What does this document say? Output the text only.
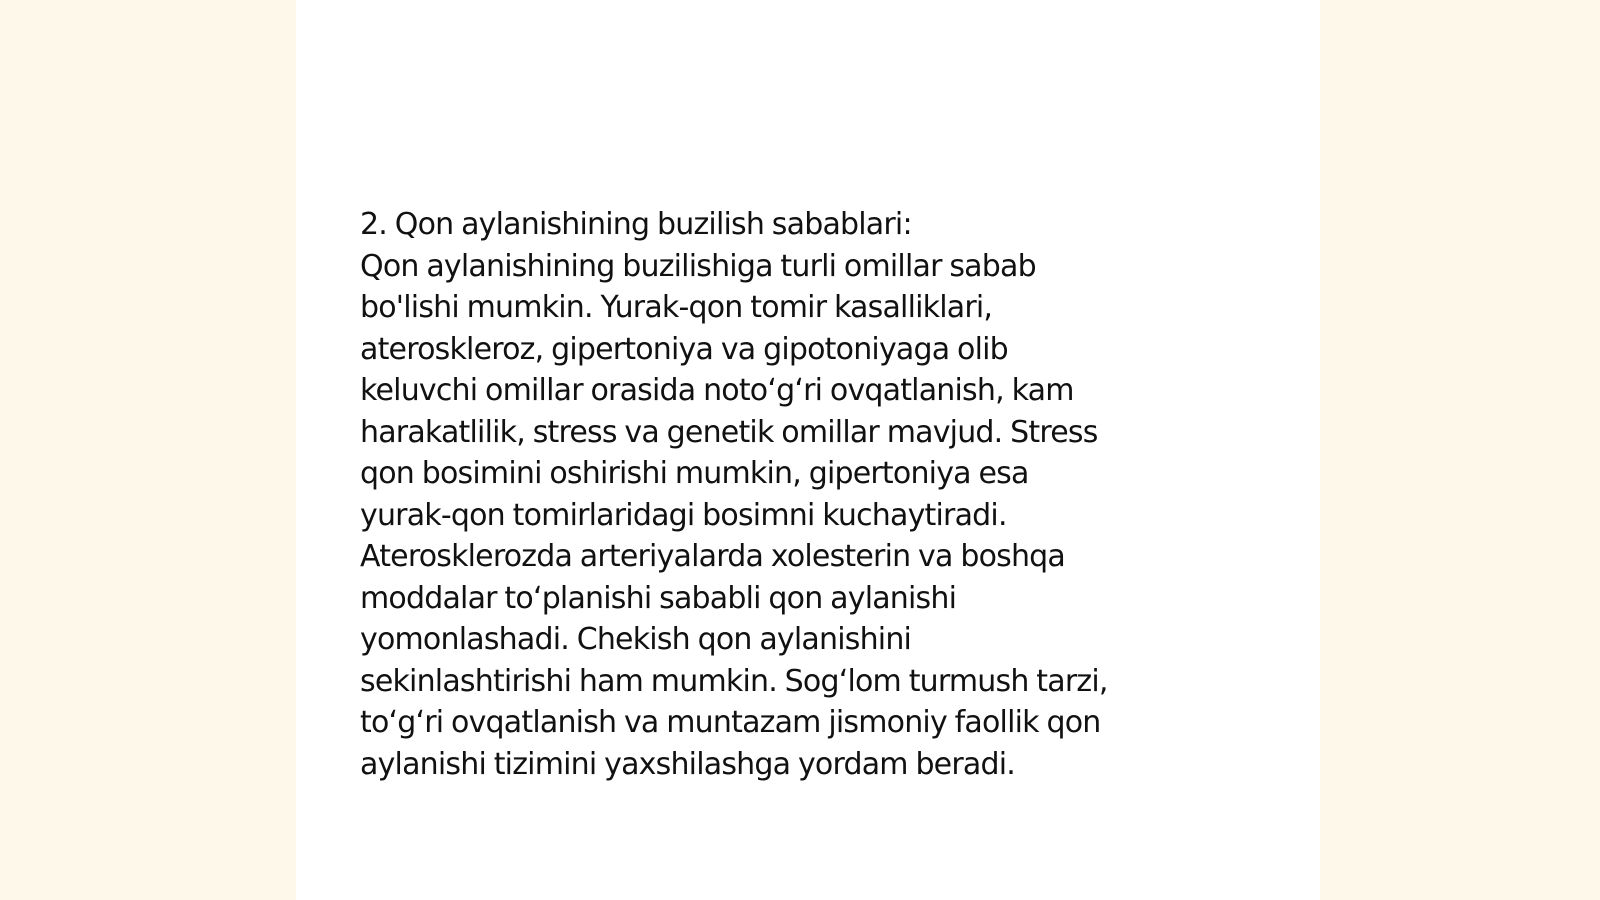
2. Qon aylanishining buzilish sabablari:
Qon aylanishining buzilishiga turli omillar sabab
bo'lishi mumkin. Yurak-qon tomir kasalliklari,
ateroskleroz, gipertoniya va gipotoniyaga olib
keluvchi omillar orasida noto‘g‘ri ovqatlanish, kam
harakatlilik, stress va genetik omillar mavjud. Stress
qon bosimini oshirishi mumkin, gipertoniya esa
yurak-qon tomirlaridagi bosimni kuchaytiradi.
Aterosklerozda arteriyalarda xolesterin va boshqa
moddalar to‘planishi sababli qon aylanishi
yomonlashadi. Chekish qon aylanishini
sekinlashtirishi ham mumkin. Sog‘lom turmush tarzi,
to‘g‘ri ovqatlanish va muntazam jismoniy faollik qon
aylanishi tizimini yaxshilashga yordam beradi.
